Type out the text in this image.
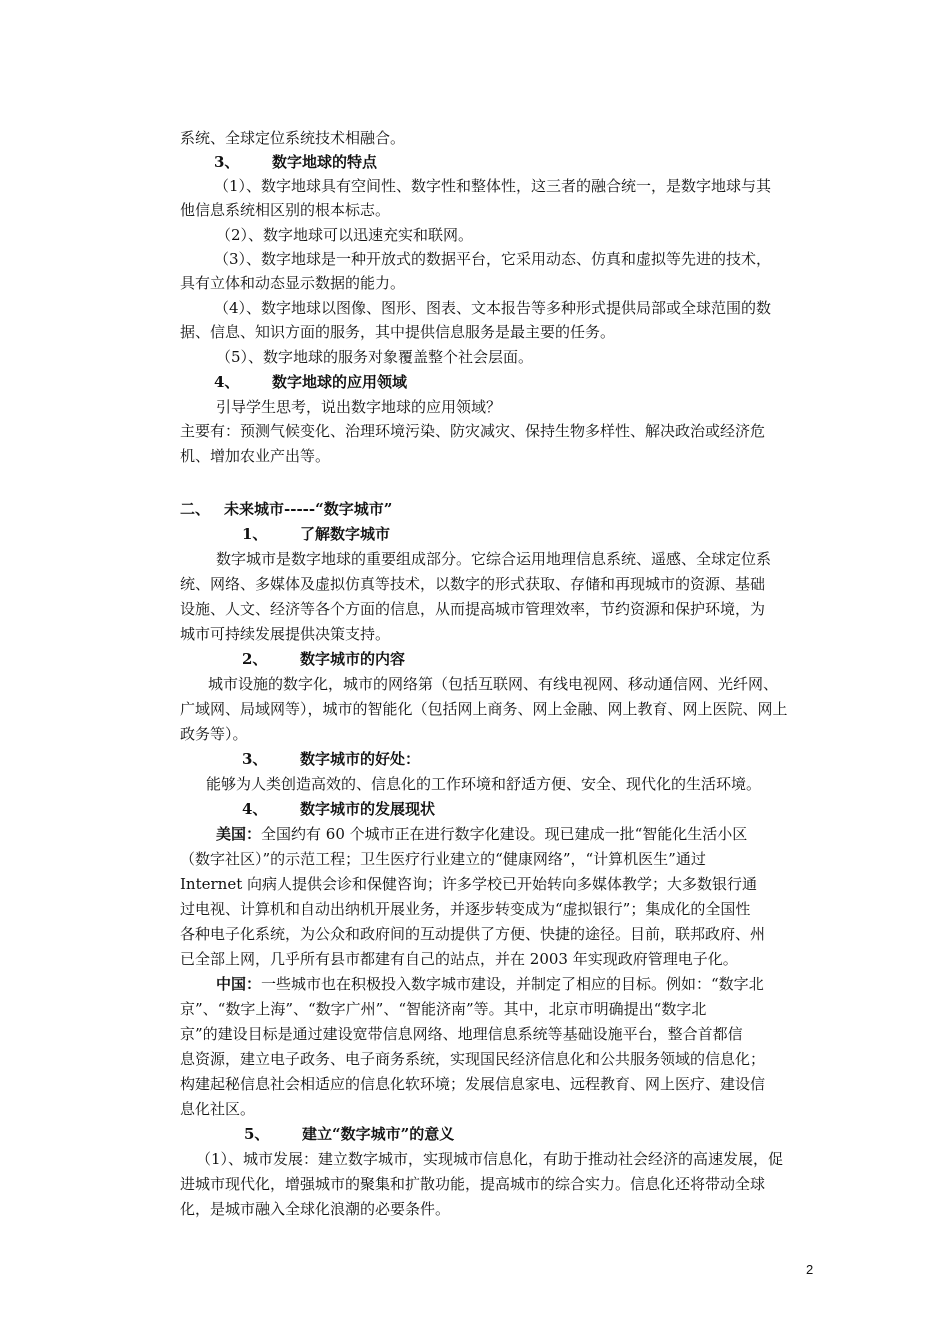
系统、全球定位系统技术相融合。
3、 数字地球的特点
（1）、数字地球具有空间性、数字性和整体性，这三者的融合统一，是数字地球与其
他信息系统相区别的根本标志。
（2）、数字地球可以迅速充实和联网。
（3）、数字地球是一种开放式的数据平台，它采用动态、仿真和虚拟等先进的技术，
具有立体和动态显示数据的能力。
（4）、数字地球以图像、图形、图表、文本报告等多种形式提供局部或全球范围的数
据、信息、知识方面的服务，其中提供信息服务是最主要的任务。
（5）、数字地球的服务对象覆盖整个社会层面。
4、 数字地球的应用领域
引导学生思考，说出数字地球的应用领域？
主要有：预测气候变化、治理环境污染、防灾减灾、保持生物多样性、解决政治或经济危
机、增加农业产出等。
二、 未来城市-----“数字城市”
1、 了解数字城市
数字城市是数字地球的重要组成部分。它综合运用地理信息系统、遥感、全球定位系
统、网络、多媒体及虚拟仿真等技术，以数字的形式获取、存储和再现城市的资源、基础
设施、人文、经济等各个方面的信息，从而提高城市管理效率，节约资源和保护环境，为
城市可持续发展提供决策支持。
2、 数字城市的内容
城市设施的数字化，城市的网络第（包括互联网、有线电视网、移动通信网、光纤网、
广域网、局域网等），城市的智能化（包括网上商务、网上金融、网上教育、网上医院、网上
政务等）。
3、 数字城市的好处：
能够为人类创造高效的、信息化的工作环境和舒适方便、安全、现代化的生活环境。
4、 数字城市的发展现状
美国：全国约有 60 个城市正在进行数字化建设。现已建成一批“智能化生活小区
（数字社区）”的示范工程；卫生医疗行业建立的“健康网络”，“计算机医生”通过
Internet 向病人提供会诊和保健咨询；许多学校已开始转向多媒体教学；大多数银行通
过电视、计算机和自动出纳机开展业务，并逐步转变成为“虚拟银行”；集成化的全国性
各种电子化系统，为公众和政府间的互动提供了方便、快捷的途径。目前，联邦政府、州
已全部上网，几乎所有县市都建有自己的站点，并在 2003 年实现政府管理电子化。
中国：一些城市也在积极投入数字城市建设，并制定了相应的目标。例如：“数字北
京”、“数字上海”、“数字广州”、“智能济南”等。其中，北京市明确提出“数字北
京”的建设目标是通过建设宽带信息网络、地理信息系统等基础设施平台，整合首都信
息资源，建立电子政务、电子商务系统，实现国民经济信息化和公共服务领域的信息化；
构建起秘信息社会相适应的信息化软环境；发展信息家电、远程教育、网上医疗、建设信
息化社区。
5、 建立“数字城市”的意义
（1）、城市发展：建立数字城市，实现城市信息化，有助于推动社会经济的高速发展，促
进城市现代化，增强城市的聚集和扩散功能，提高城市的综合实力。信息化还将带动全球
化，是城市融入全球化浪潮的必要条件。
2
